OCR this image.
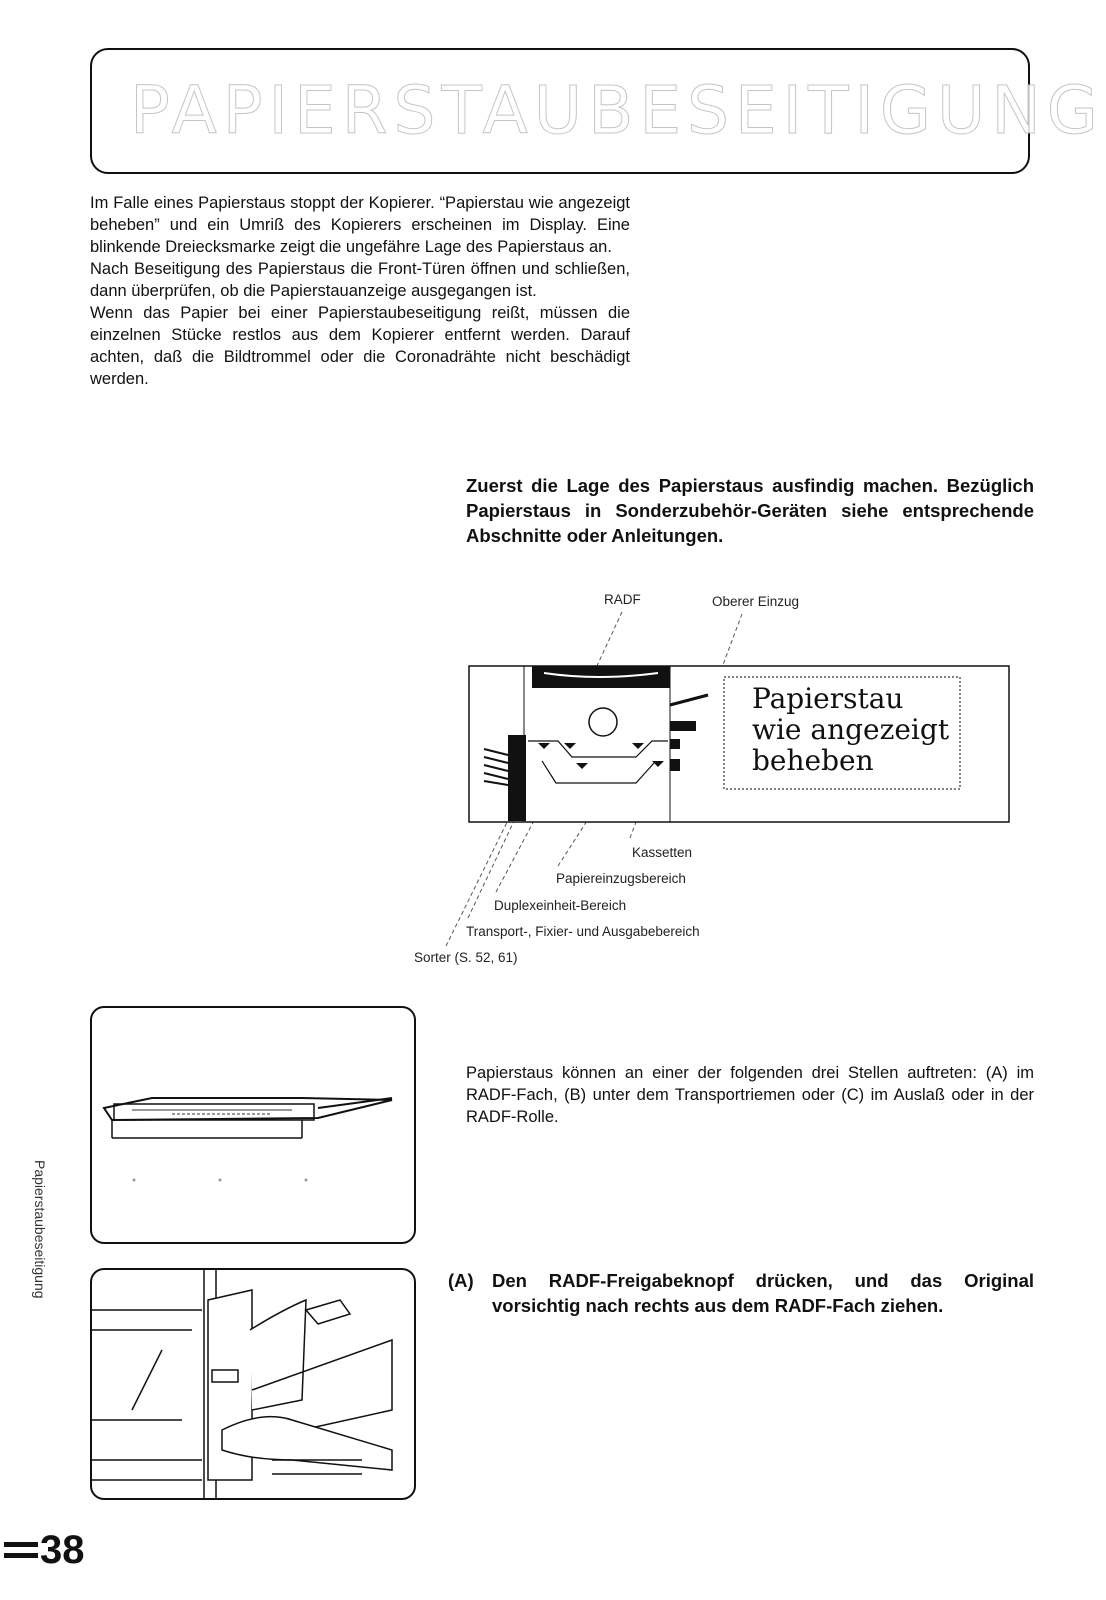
PAPIERSTAUBESEITIGUNG

Im Falle eines Papierstaus stoppt der Kopierer. “Papierstau wie angezeigt beheben” und ein Umriß des Kopierers erscheinen im Display. Eine blinkende Dreiecksmarke zeigt die ungefähre Lage des Papierstaus an.

Nach Beseitigung des Papierstaus die Front-Türen öffnen und schließen, dann überprüfen, ob die Papierstauanzeige ausgegangen ist.

Wenn das Papier bei einer Papierstaubeseitigung reißt, müssen die einzelnen Stücke restlos aus dem Kopierer entfernt werden. Darauf achten, daß die Bildtrommel oder die Coronadrähte nicht beschädigt werden.

Zuerst die Lage des Papierstaus ausfindig machen. Bezüglich Papierstaus in Sonderzubehör-Geräten siehe entsprechende Abschnitte oder Anleitungen.
RADF	Oberer Einzug
Kassetten
Papiereinzugsbereich
Duplexeinheit-Bereich
Transport-, Fixier- und Ausgabebereich
Sorter (S. 52, 61)
Papierstau
wie angezeigt
beheben
Papierstaus können an einer der folgenden drei Stellen auftreten: (A) im RADF-Fach, (B) unter dem Transportriemen oder (C) im Auslaß oder in der RADF-Rolle.
(A) Den RADF-Freigabeknopf drücken, und das Original vorsichtig nach rechts aus dem RADF-Fach ziehen.
Papierstaubeseitigung
38
